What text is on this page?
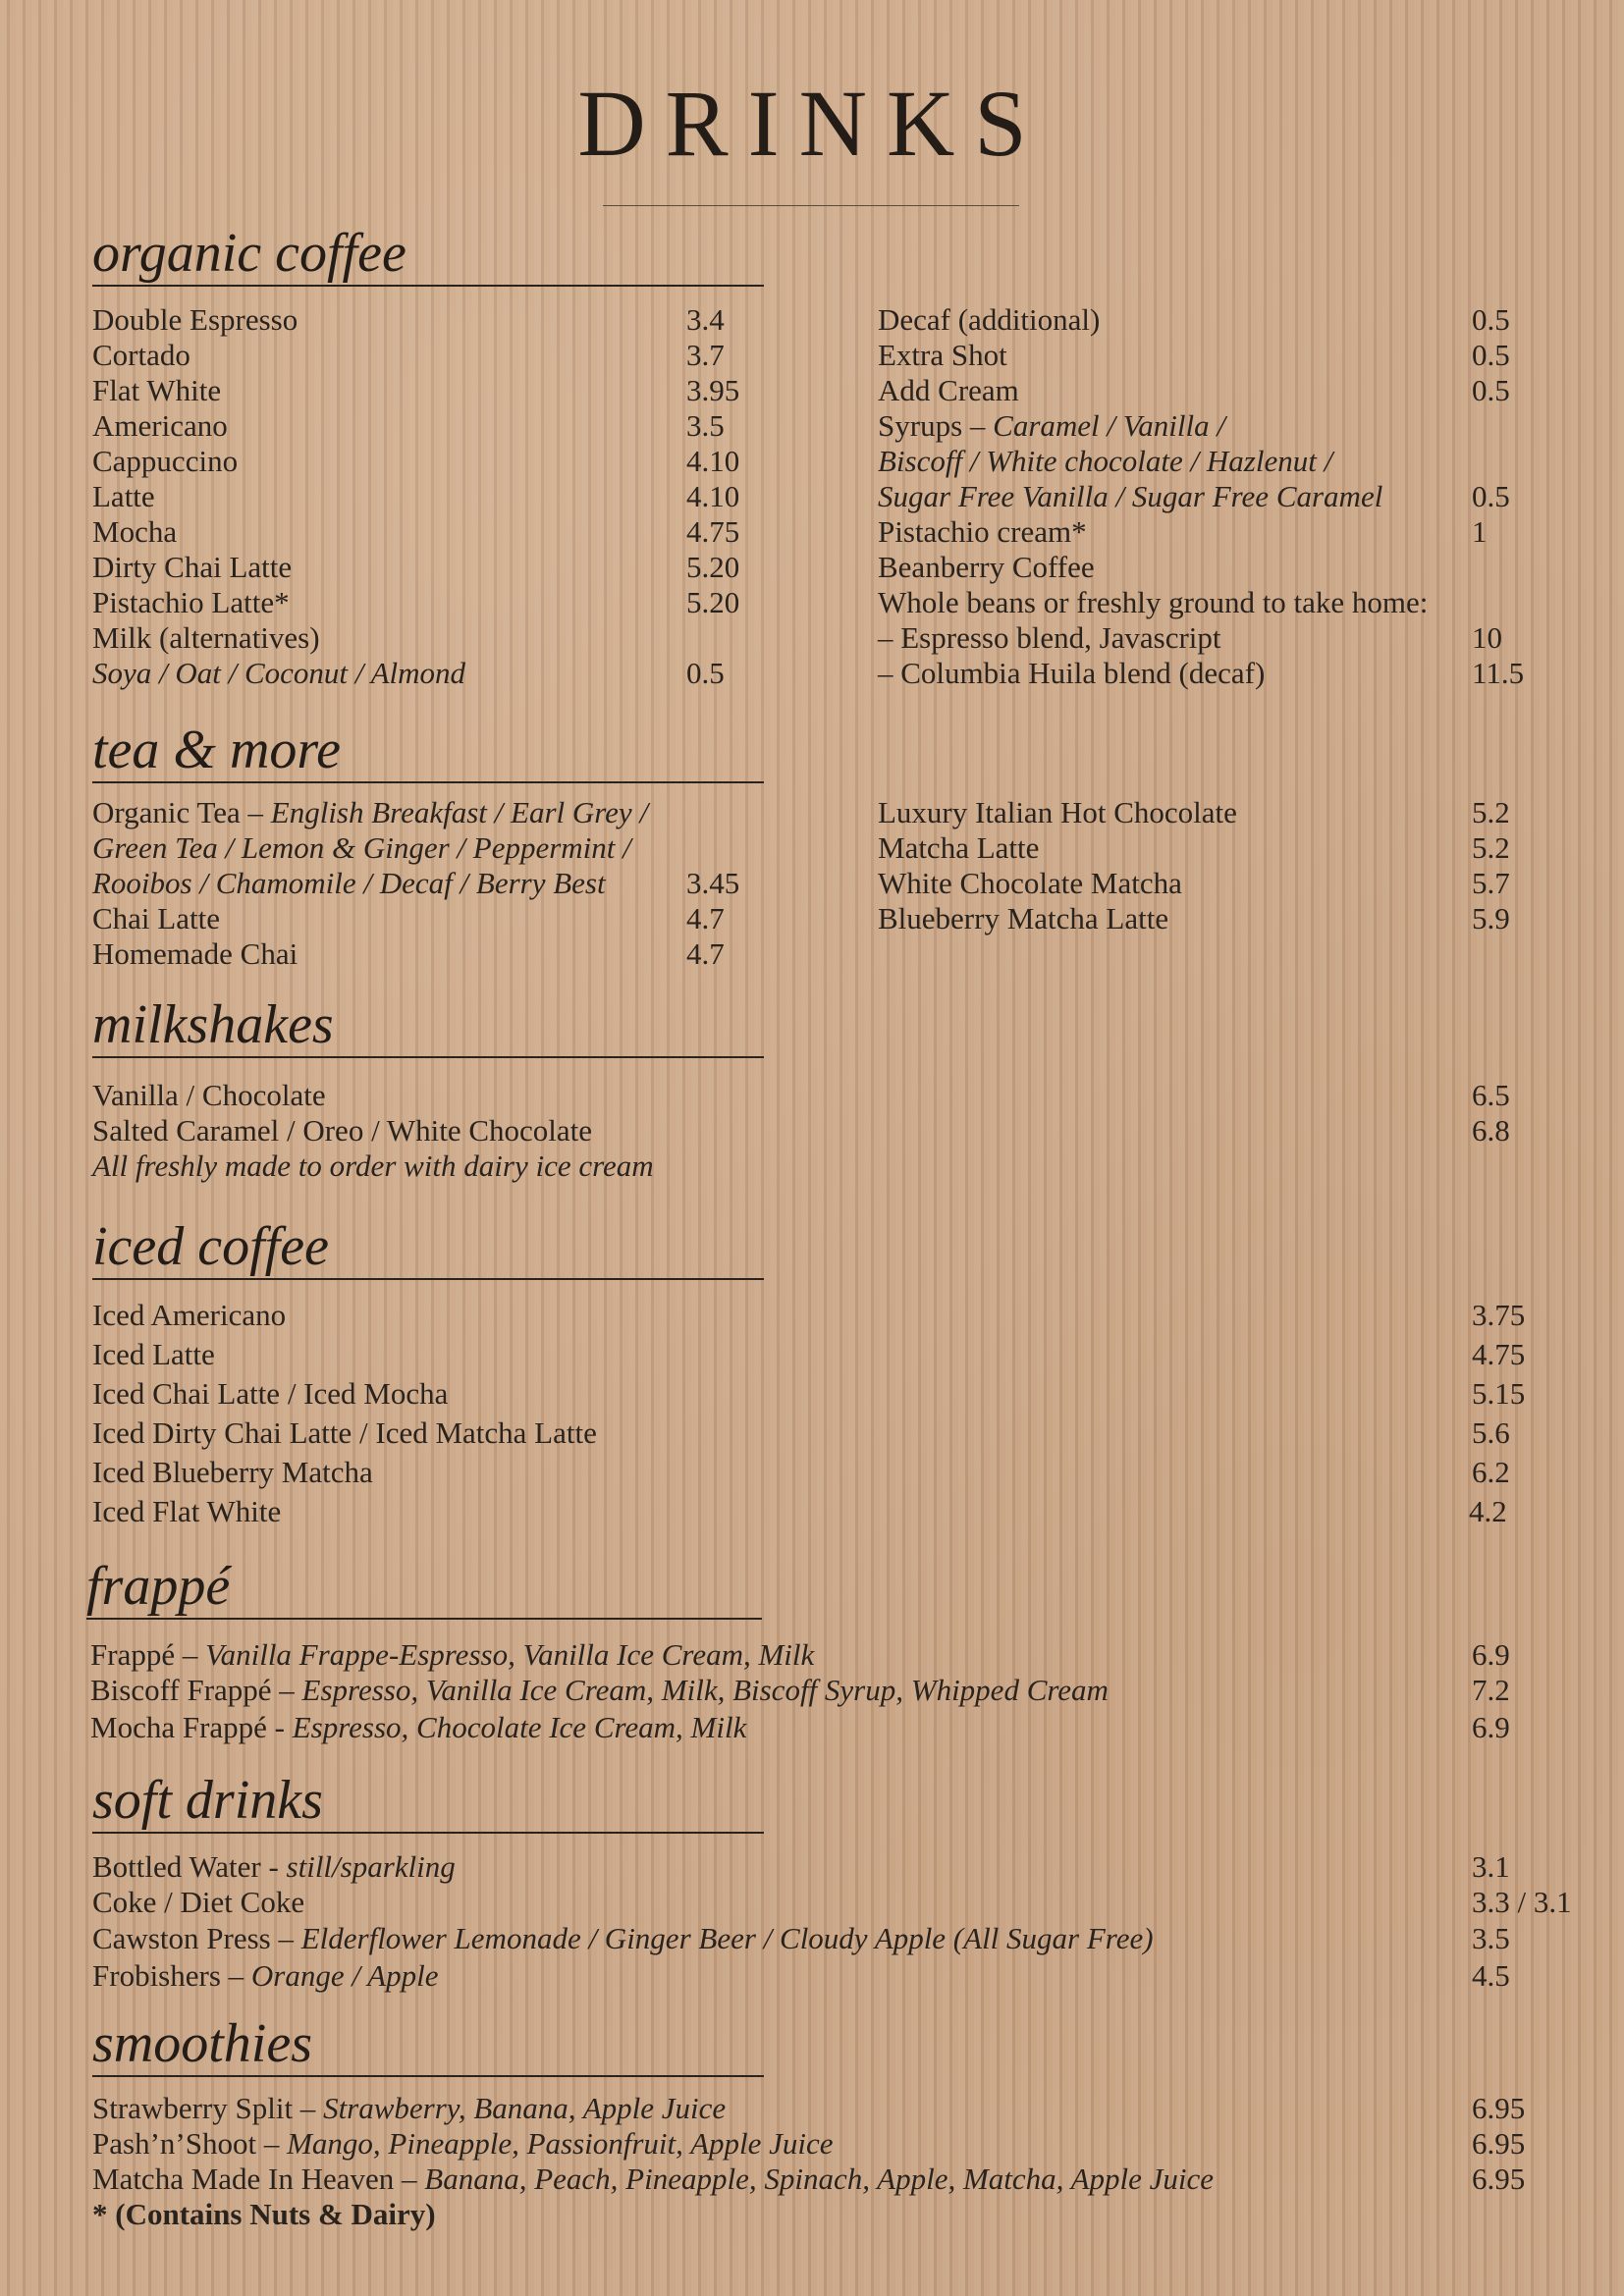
DRINKS
organic coffee
Double Espresso	3.4
Cortado	3.7
Flat White	3.95
Americano	3.5
Cappuccino	4.10
Latte	4.10
Mocha	4.75
Dirty Chai Latte	5.20
Pistachio Latte*	5.20
Milk (alternatives)
Soya / Oat / Coconut / Almond	0.5
Decaf (additional)	0.5
Extra Shot	0.5
Add Cream	0.5
Syrups – Caramel / Vanilla /
Biscoff / White chocolate / Hazlenut /
Sugar Free Vanilla / Sugar Free Caramel	0.5
Pistachio cream*	1
Beanberry Coffee
Whole beans or freshly ground to take home:
– Espresso blend, Javascript	10
– Columbia Huila blend (decaf)	11.5
tea & more
Organic Tea – English Breakfast / Earl Grey /
Green Tea / Lemon & Ginger / Peppermint /
Rooibos / Chamomile / Decaf / Berry Best	3.45
Chai Latte	4.7
Homemade Chai	4.7
Luxury Italian Hot Chocolate	5.2
Matcha Latte	5.2
White Chocolate Matcha	5.7
Blueberry Matcha Latte	5.9
milkshakes
Vanilla / Chocolate	6.5
Salted Caramel / Oreo / White Chocolate	6.8
All freshly made to order with dairy ice cream
iced coffee
Iced Americano	3.75
Iced Latte	4.75
Iced Chai Latte / Iced Mocha	5.15
Iced Dirty Chai Latte / Iced Matcha Latte	5.6
Iced Blueberry Matcha	6.2
Iced Flat White	4.2
frappé
Frappé – Vanilla Frappe-Espresso, Vanilla Ice Cream, Milk	6.9
Biscoff Frappé – Espresso, Vanilla Ice Cream, Milk, Biscoff Syrup, Whipped Cream	7.2
Mocha Frappé - Espresso, Chocolate Ice Cream, Milk	6.9
soft drinks
Bottled Water - still/sparkling	3.1
Coke / Diet Coke	3.3 / 3.1
Cawston Press – Elderflower Lemonade / Ginger Beer / Cloudy Apple (All Sugar Free)	3.5
Frobishers – Orange / Apple	4.5
smoothies
Strawberry Split – Strawberry, Banana, Apple Juice	6.95
Pash’n’Shoot – Mango, Pineapple, Passionfruit, Apple Juice	6.95
Matcha Made In Heaven – Banana, Peach, Pineapple, Spinach, Apple, Matcha, Apple Juice	6.95
* (Contains Nuts & Dairy)
